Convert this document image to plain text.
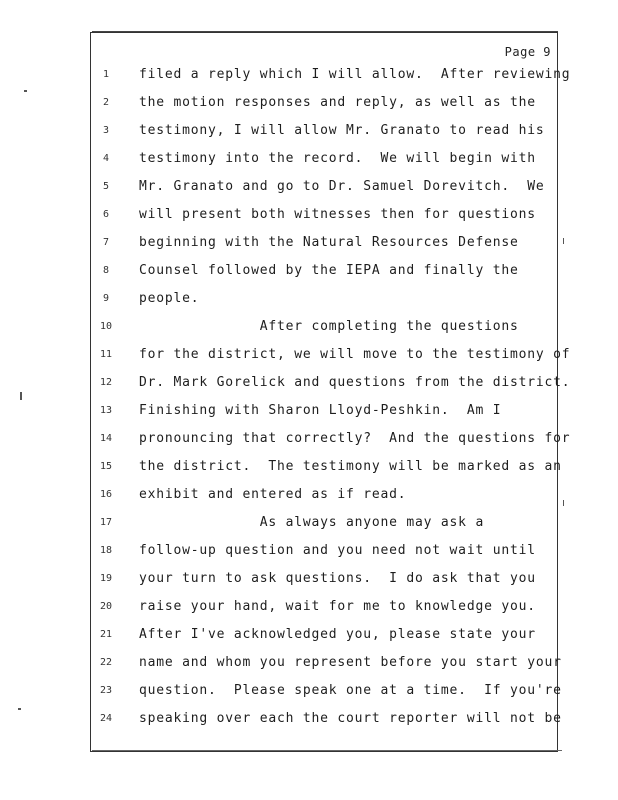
Page 9
1	filed a reply which I will allow.  After reviewing
2	the motion responses and reply, as well as the
3	testimony, I will allow Mr. Granato to read his
4	testimony into the record.  We will begin with
5	Mr. Granato and go to Dr. Samuel Dorevitch.  We
6	will present both witnesses then for questions
7	beginning with the Natural Resources Defense
8	Counsel followed by the IEPA and finally the
9	people.
10	After completing the questions
11	for the district, we will move to the testimony of
12	Dr. Mark Gorelick and questions from the district.
13	Finishing with Sharon Lloyd-Peshkin.  Am I
14	pronouncing that correctly?  And the questions for
15	the district.  The testimony will be marked as an
16	exhibit and entered as if read.
17	As always anyone may ask a
18	follow-up question and you need not wait until
19	your turn to ask questions.  I do ask that you
20	raise your hand, wait for me to knowledge you.
21	After I've acknowledged you, please state your
22	name and whom you represent before you start your
23	question.  Please speak one at a time.  If you're
24	speaking over each the court reporter will not be
